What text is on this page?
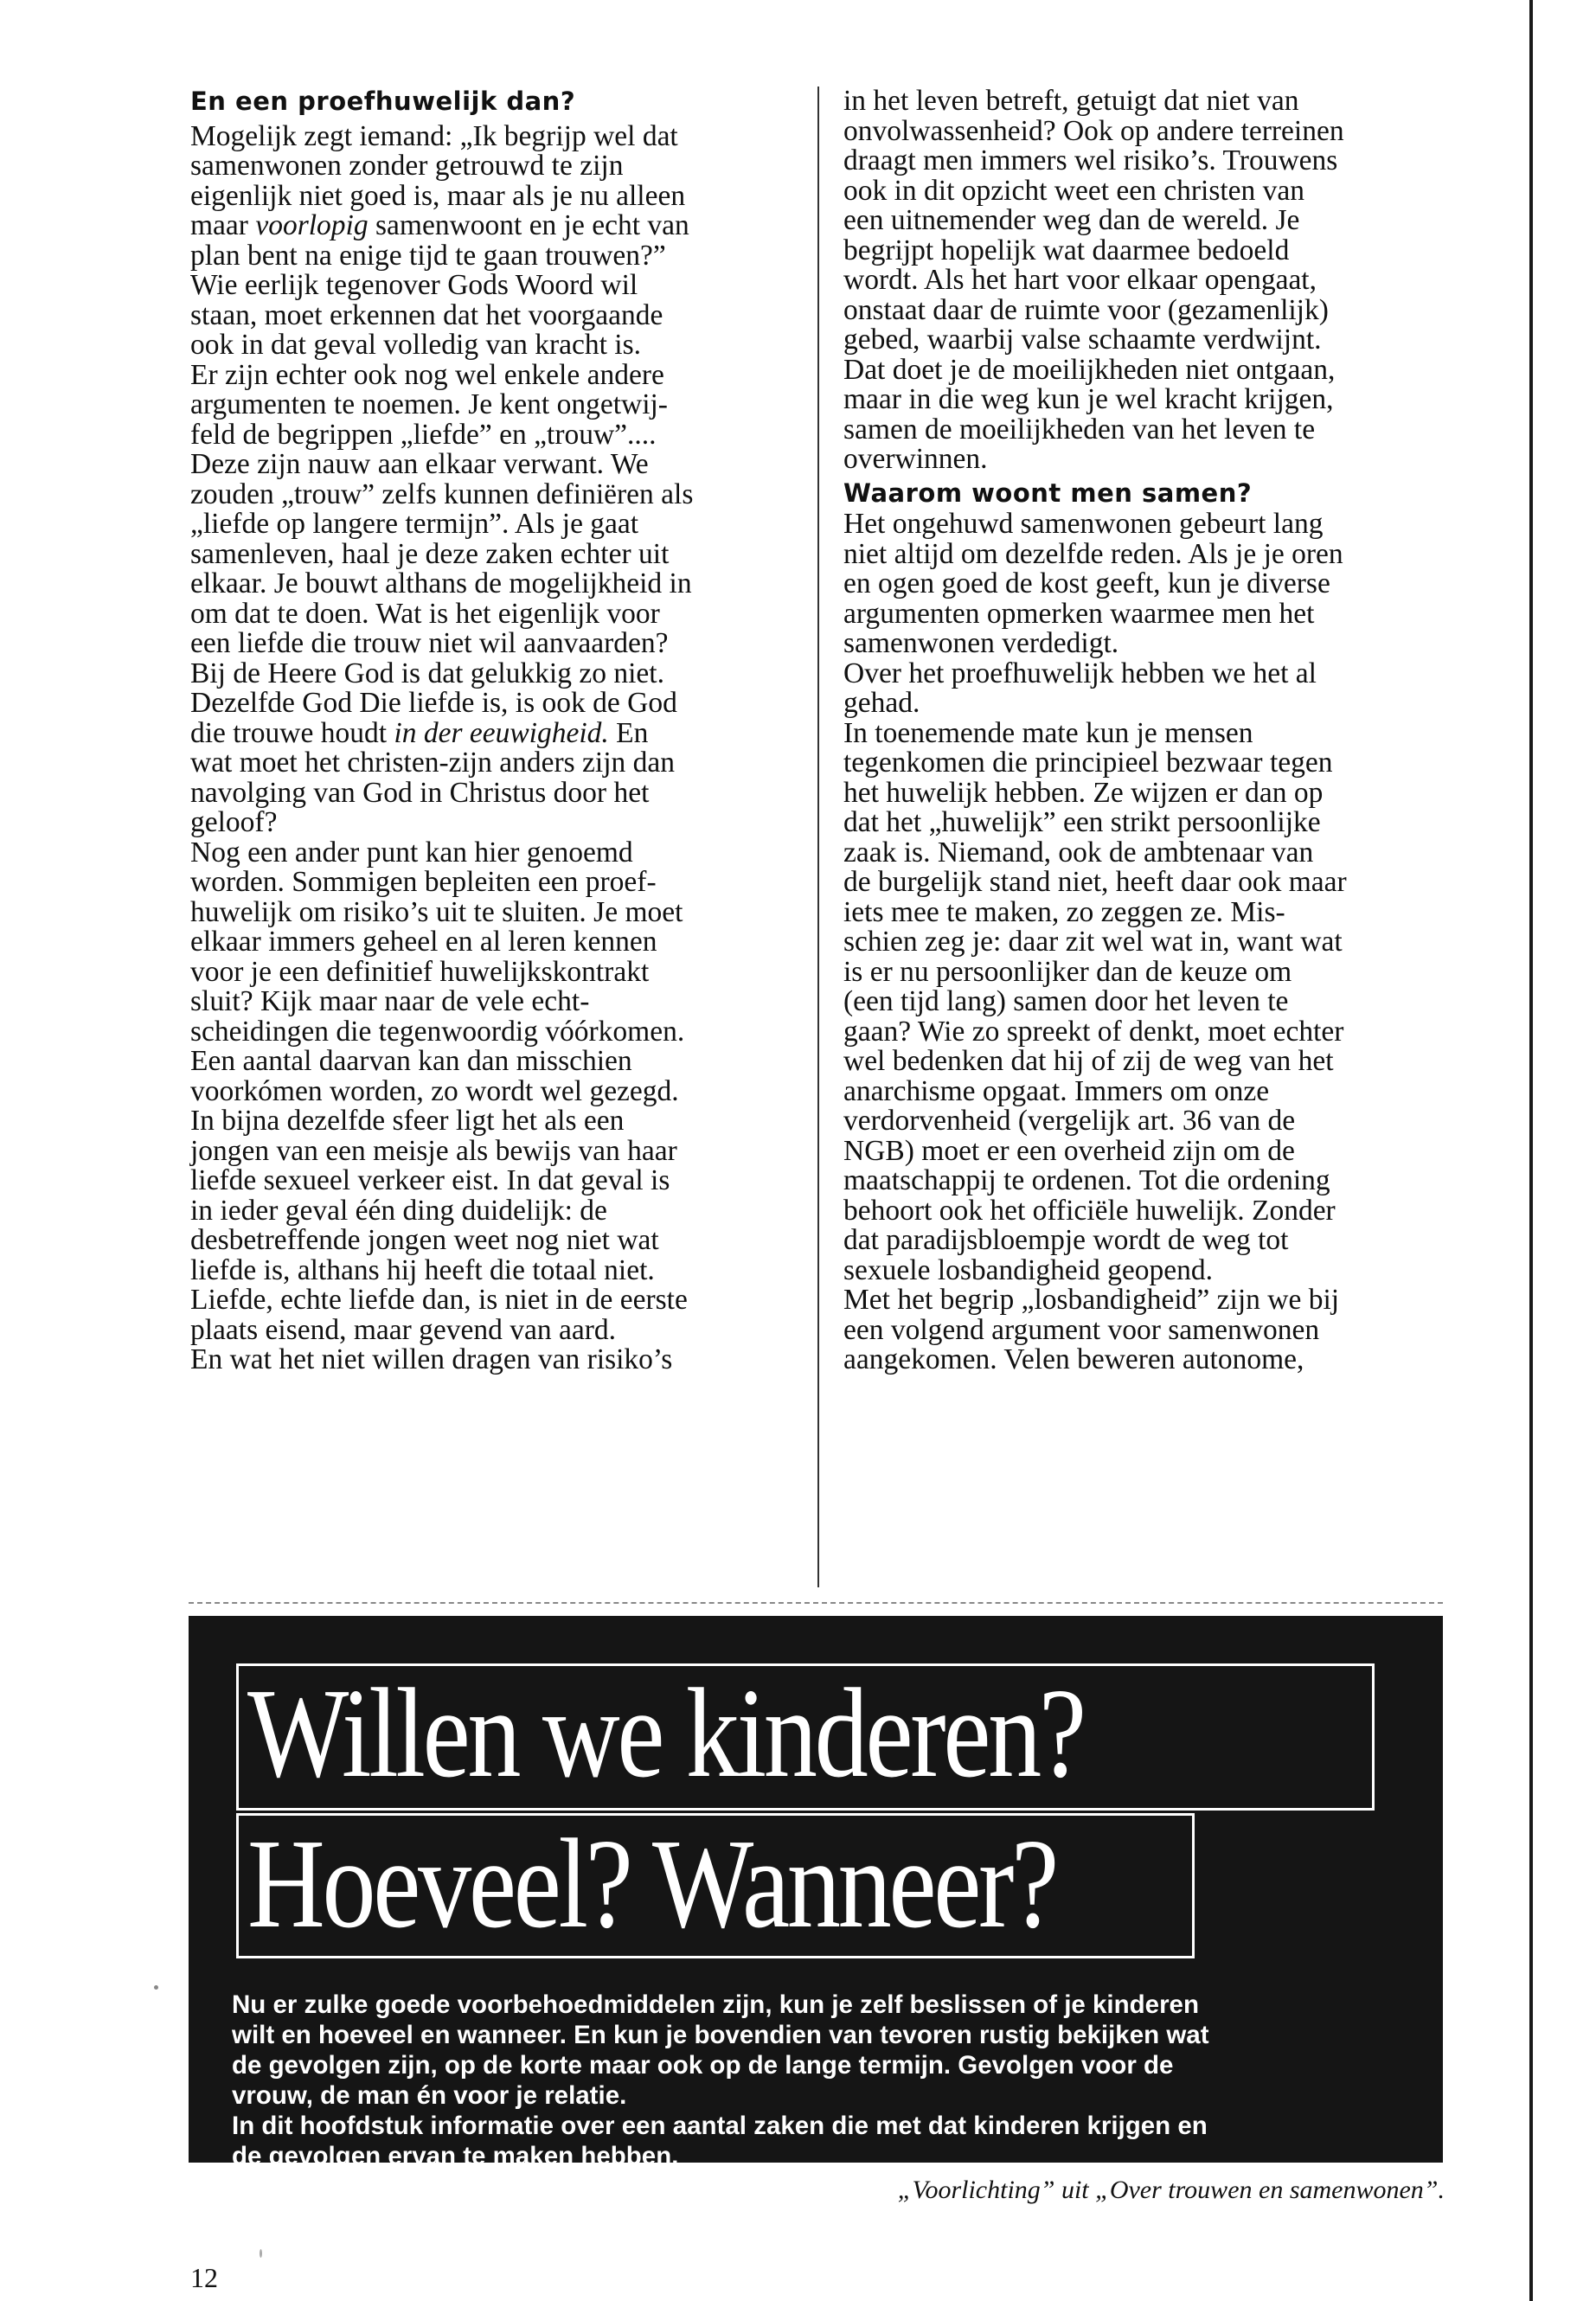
En een proefhuwelijk dan?

Mogelijk zegt iemand: „Ik begrijp wel dat
samenwonen zonder getrouwd te zijn
eigenlijk niet goed is, maar als je nu alleen
maar voorlopig samenwoont en je echt van
plan bent na enige tijd te gaan trouwen?”
Wie eerlijk tegenover Gods Woord wil
staan, moet erkennen dat het voorgaande
ook in dat geval volledig van kracht is.
Er zijn echter ook nog wel enkele andere
argumenten te noemen. Je kent ongetwij-
feld de begrippen „liefde” en „trouw”....
Deze zijn nauw aan elkaar verwant. We
zouden „trouw” zelfs kunnen definiëren als
„liefde op langere termijn”. Als je gaat
samenleven, haal je deze zaken echter uit
elkaar. Je bouwt althans de mogelijkheid in
om dat te doen. Wat is het eigenlijk voor
een liefde die trouw niet wil aanvaarden?
Bij de Heere God is dat gelukkig zo niet.
Dezelfde God Die liefde is, is ook de God
die trouwe houdt in der eeuwigheid. En
wat moet het christen-zijn anders zijn dan
navolging van God in Christus door het
geloof?

Nog een ander punt kan hier genoemd
worden. Sommigen bepleiten een proef-
huwelijk om risiko’s uit te sluiten. Je moet
elkaar immers geheel en al leren kennen
voor je een definitief huwelijkskontrakt
sluit? Kijk maar naar de vele echt-
scheidingen die tegenwoordig vóórkomen.
Een aantal daarvan kan dan misschien
voorkómen worden, zo wordt wel gezegd.
In bijna dezelfde sfeer ligt het als een
jongen van een meisje als bewijs van haar
liefde sexueel verkeer eist. In dat geval is
in ieder geval één ding duidelijk: de
desbetreffende jongen weet nog niet wat
liefde is, althans hij heeft die totaal niet.
Liefde, echte liefde dan, is niet in de eerste
plaats eisend, maar gevend van aard.
En wat het niet willen dragen van risiko’s

in het leven betreft, getuigt dat niet van
onvolwassenheid? Ook op andere terreinen
draagt men immers wel risiko’s. Trouwens
ook in dit opzicht weet een christen van
een uitnemender weg dan de wereld. Je
begrijpt hopelijk wat daarmee bedoeld
wordt. Als het hart voor elkaar opengaat,
onstaat daar de ruimte voor (gezamenlijk)
gebed, waarbij valse schaamte verdwijnt.
Dat doet je de moeilijkheden niet ontgaan,
maar in die weg kun je wel kracht krijgen,
samen de moeilijkheden van het leven te
overwinnen.

Waarom woont men samen?

Het ongehuwd samenwonen gebeurt lang
niet altijd om dezelfde reden. Als je je oren
en ogen goed de kost geeft, kun je diverse
argumenten opmerken waarmee men het
samenwonen verdedigt.

Over het proefhuwelijk hebben we het al
gehad.

In toenemende mate kun je mensen
tegenkomen die principieel bezwaar tegen
het huwelijk hebben. Ze wijzen er dan op
dat het „huwelijk” een strikt persoonlijke
zaak is. Niemand, ook de ambtenaar van
de burgelijk stand niet, heeft daar ook maar
iets mee te maken, zo zeggen ze. Mis-
schien zeg je: daar zit wel wat in, want wat
is er nu persoonlijker dan de keuze om
(een tijd lang) samen door het leven te
gaan? Wie zo spreekt of denkt, moet echter
wel bedenken dat hij of zij de weg van het
anarchisme opgaat. Immers om onze
verdorvenheid (vergelijk art. 36 van de
NGB) moet er een overheid zijn om de
maatschappij te ordenen. Tot die ordening
behoort ook het officiële huwelijk. Zonder
dat paradijsbloempje wordt de weg tot
sexuele losbandigheid geopend.

Met het begrip „losbandigheid” zijn we bij
een volgend argument voor samenwonen
aangekomen. Velen beweren autonome,

Willen we kinderen?
Hoeveel? Wanneer?

Nu er zulke goede voorbehoedmiddelen zijn, kun je zelf beslissen of je kinderen
wilt en hoeveel en wanneer. En kun je bovendien van tevoren rustig bekijken wat
de gevolgen zijn, op de korte maar ook op de lange termijn. Gevolgen voor de
vrouw, de man én voor je relatie.

In dit hoofdstuk informatie over een aantal zaken die met dat kinderen krijgen en
de gevolgen ervan te maken hebben.

„Voorlichting” uit „Over trouwen en samenwonen”.
12
